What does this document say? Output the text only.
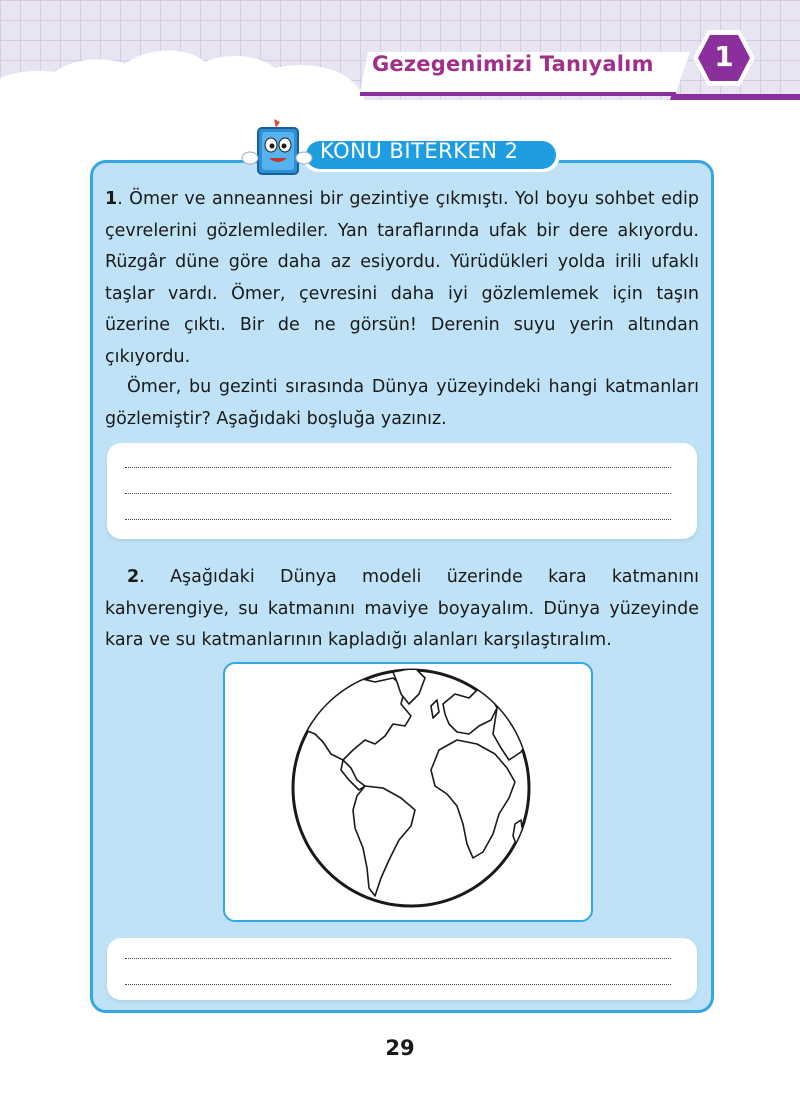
Gezegenimizi Tanıyalım	1
KONU BİTERKEN 2
1. Ömer ve anneannesi bir gezintiye çıkmıştı. Yol boyu sohbet edip çevrelerini gözlemlediler. Yan taraflarında ufak bir dere akıyordu. Rüzgâr düne göre daha az esiyordu. Yürüdükleri yolda irili ufaklı taşlar vardı. Ömer, çevresini daha iyi gözlemlemek için taşın üzerine çıktı. Bir de ne görsün! Derenin suyu yerin altından çıkıyordu.
Ömer, bu gezinti sırasında Dünya yüzeyindeki hangi katmanları gözlemiştir? Aşağıdaki boşluğa yazınız.
2. Aşağıdaki Dünya modeli üzerinde kara katmanını kahverengiye, su katmanını maviye boyayalım. Dünya yüzeyinde kara ve su katmanlarının kapladığı alanları karşılaştıralım.
29
